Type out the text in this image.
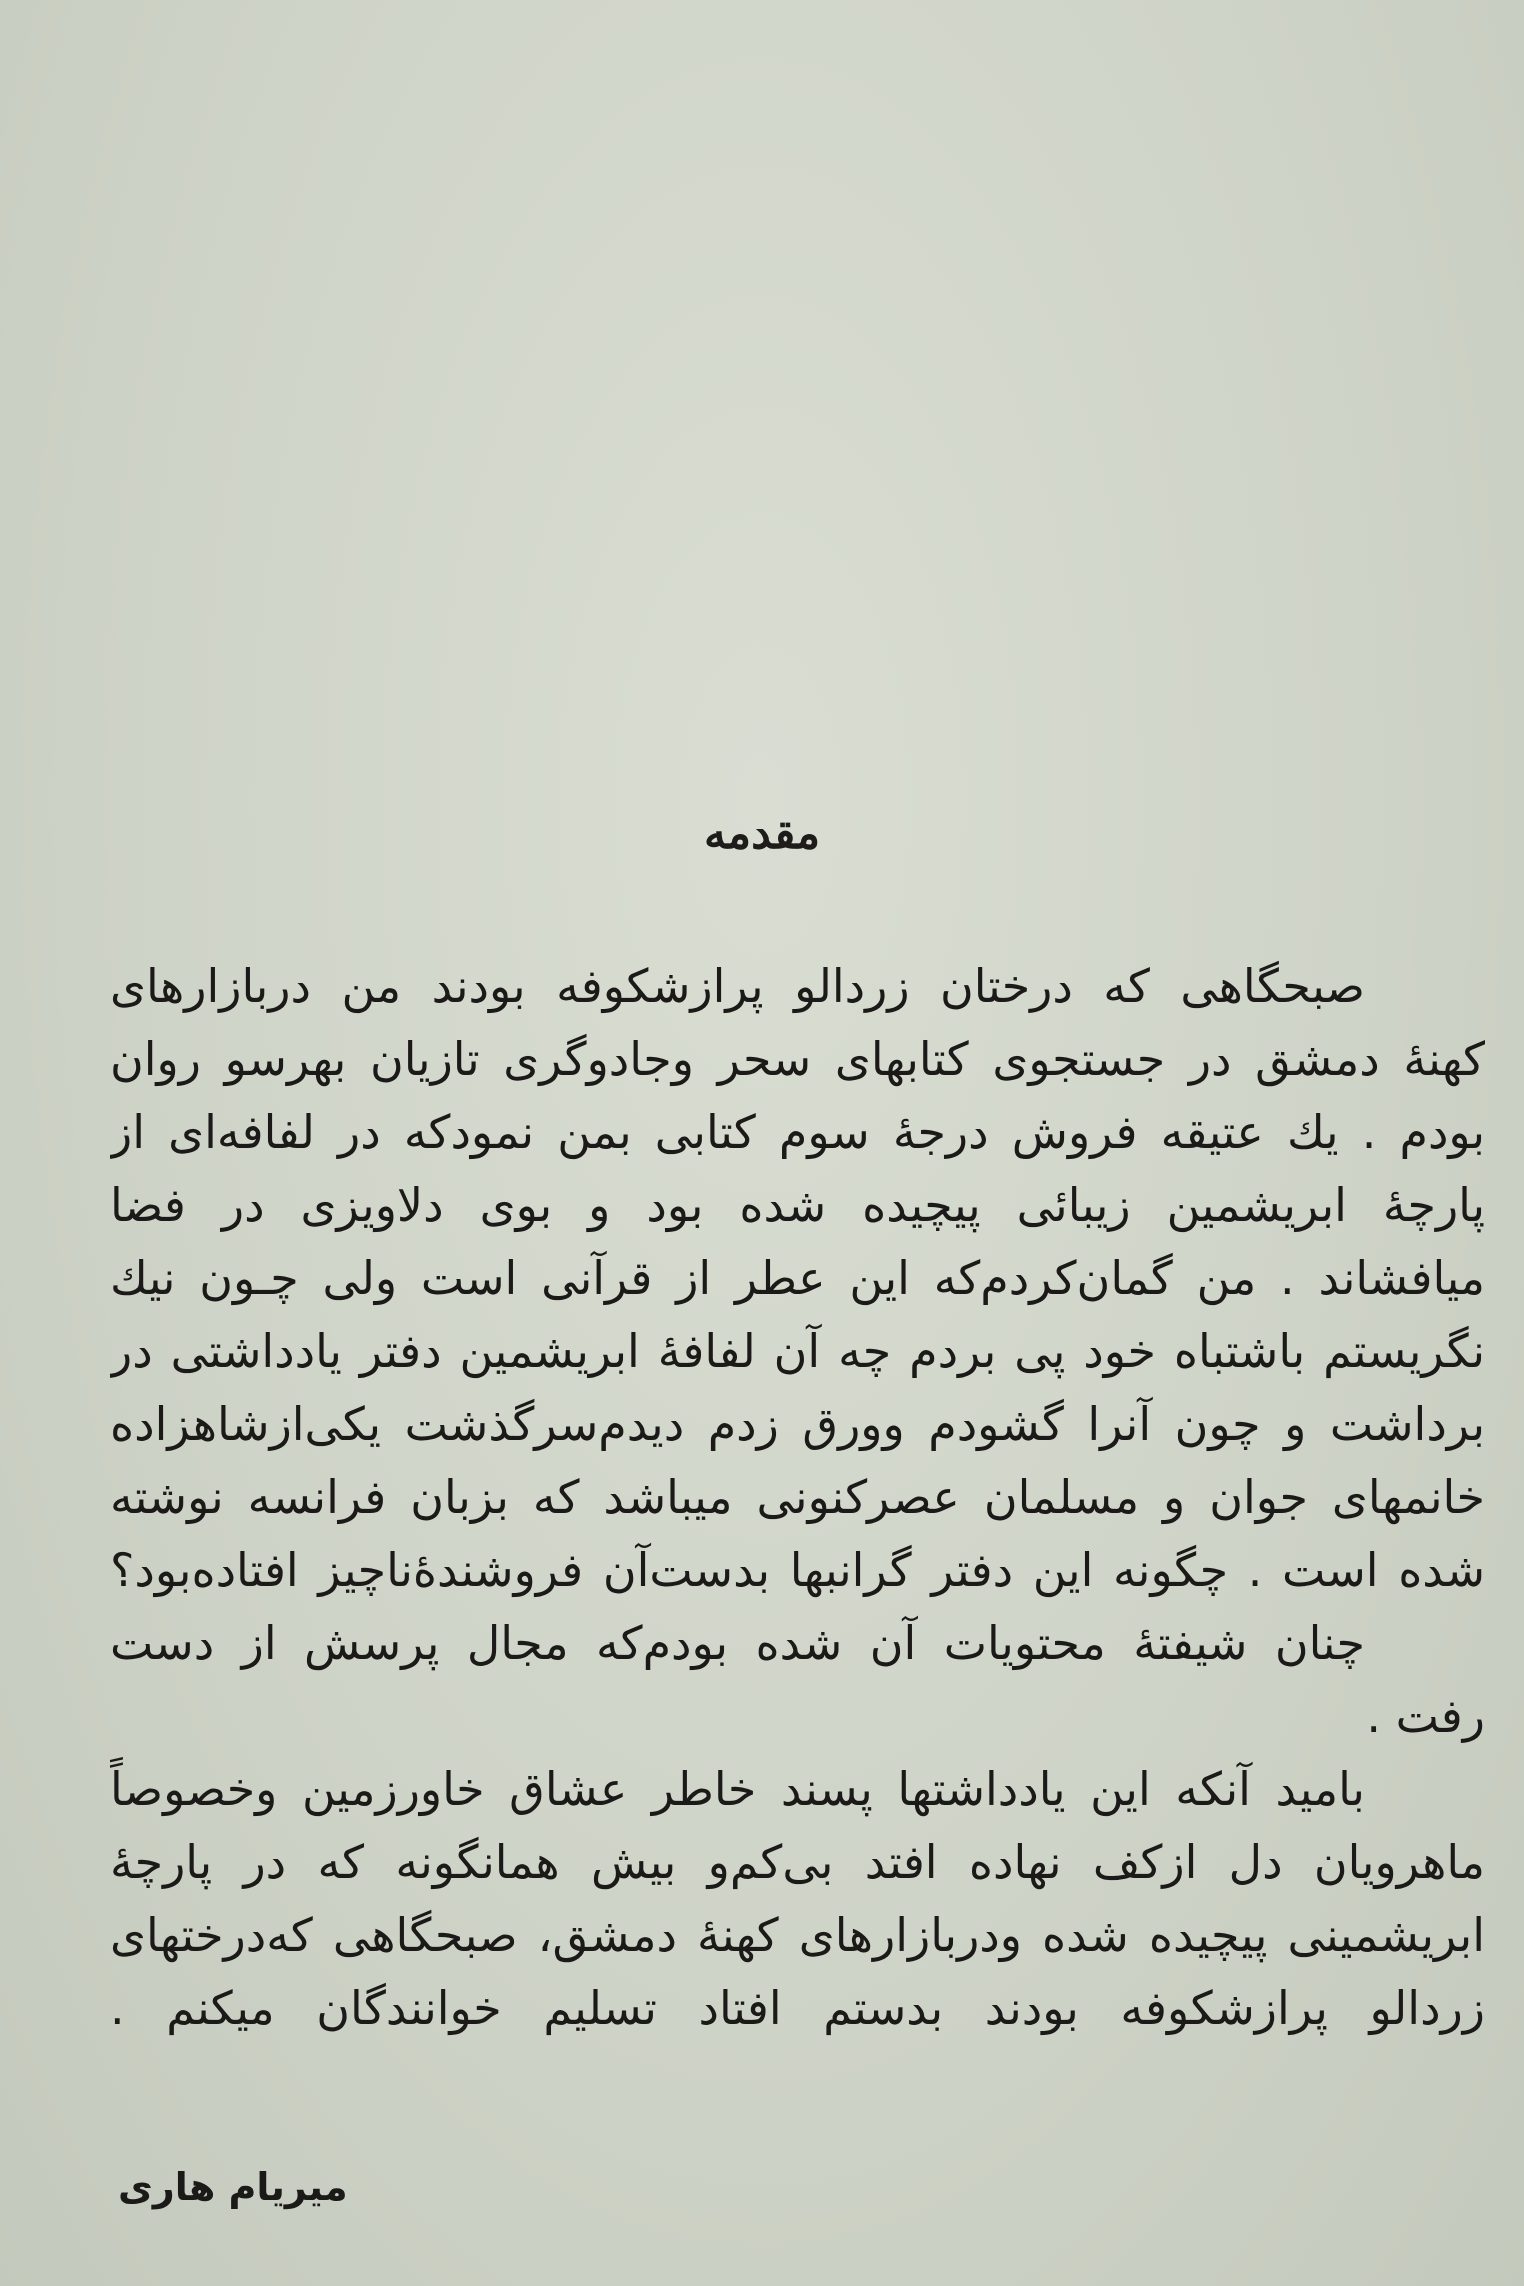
مقدمه
صبحگاهی که درختان زردالو پرازشکوفه بودند من دربازارهای
کهنهٔ دمشق در جستجوی کتابهای سحر وجادوگری تازیان بهرسو روان
بودم . یك عتیقه فروش درجهٔ سوم کتابی بمن نمودکه در لفافه‌ای از
پارچهٔ ابریشمین زیبائی پیچیده شده بود و بوی دلاویزی در فضا
میافشاند . من گمان‌کردم‌که این عطر از قرآنی است ولی چـون نیك
نگریستم باشتباه خود پی بردم چه آن لفافهٔ ابریشمین دفتر یادداشتی در
برداشت و چون آنرا گشودم وورق زدم دیدم‌سرگذشت یکی‌ازشاهزاده
خانمهای جوان و مسلمان عصرکنونی میباشد که بزبان فرانسه نوشته
شده است . چگونه این دفتر گرانبها بدست‌آن فروشندهٔ‌ناچیز افتاده‌بود؟
چنان شیفتهٔ محتویات آن شده بودم‌که مجال پرسش از دست
رفت .
بامید آنکه این یادداشتها پسند خاطر عشاق خاورزمین وخصوصاً
ماهرویان دل ازکف نهاده افتد بی‌کم‌و بیش همانگونه که در پارچهٔ
ابریشمینی پیچیده شده ودربازارهای کهنهٔ دمشق، صبحگاهی که‌درختهای
زردالو پرازشکوفه بودند بدستم افتاد تسلیم خوانندگان میکنم .
میریام هاری
